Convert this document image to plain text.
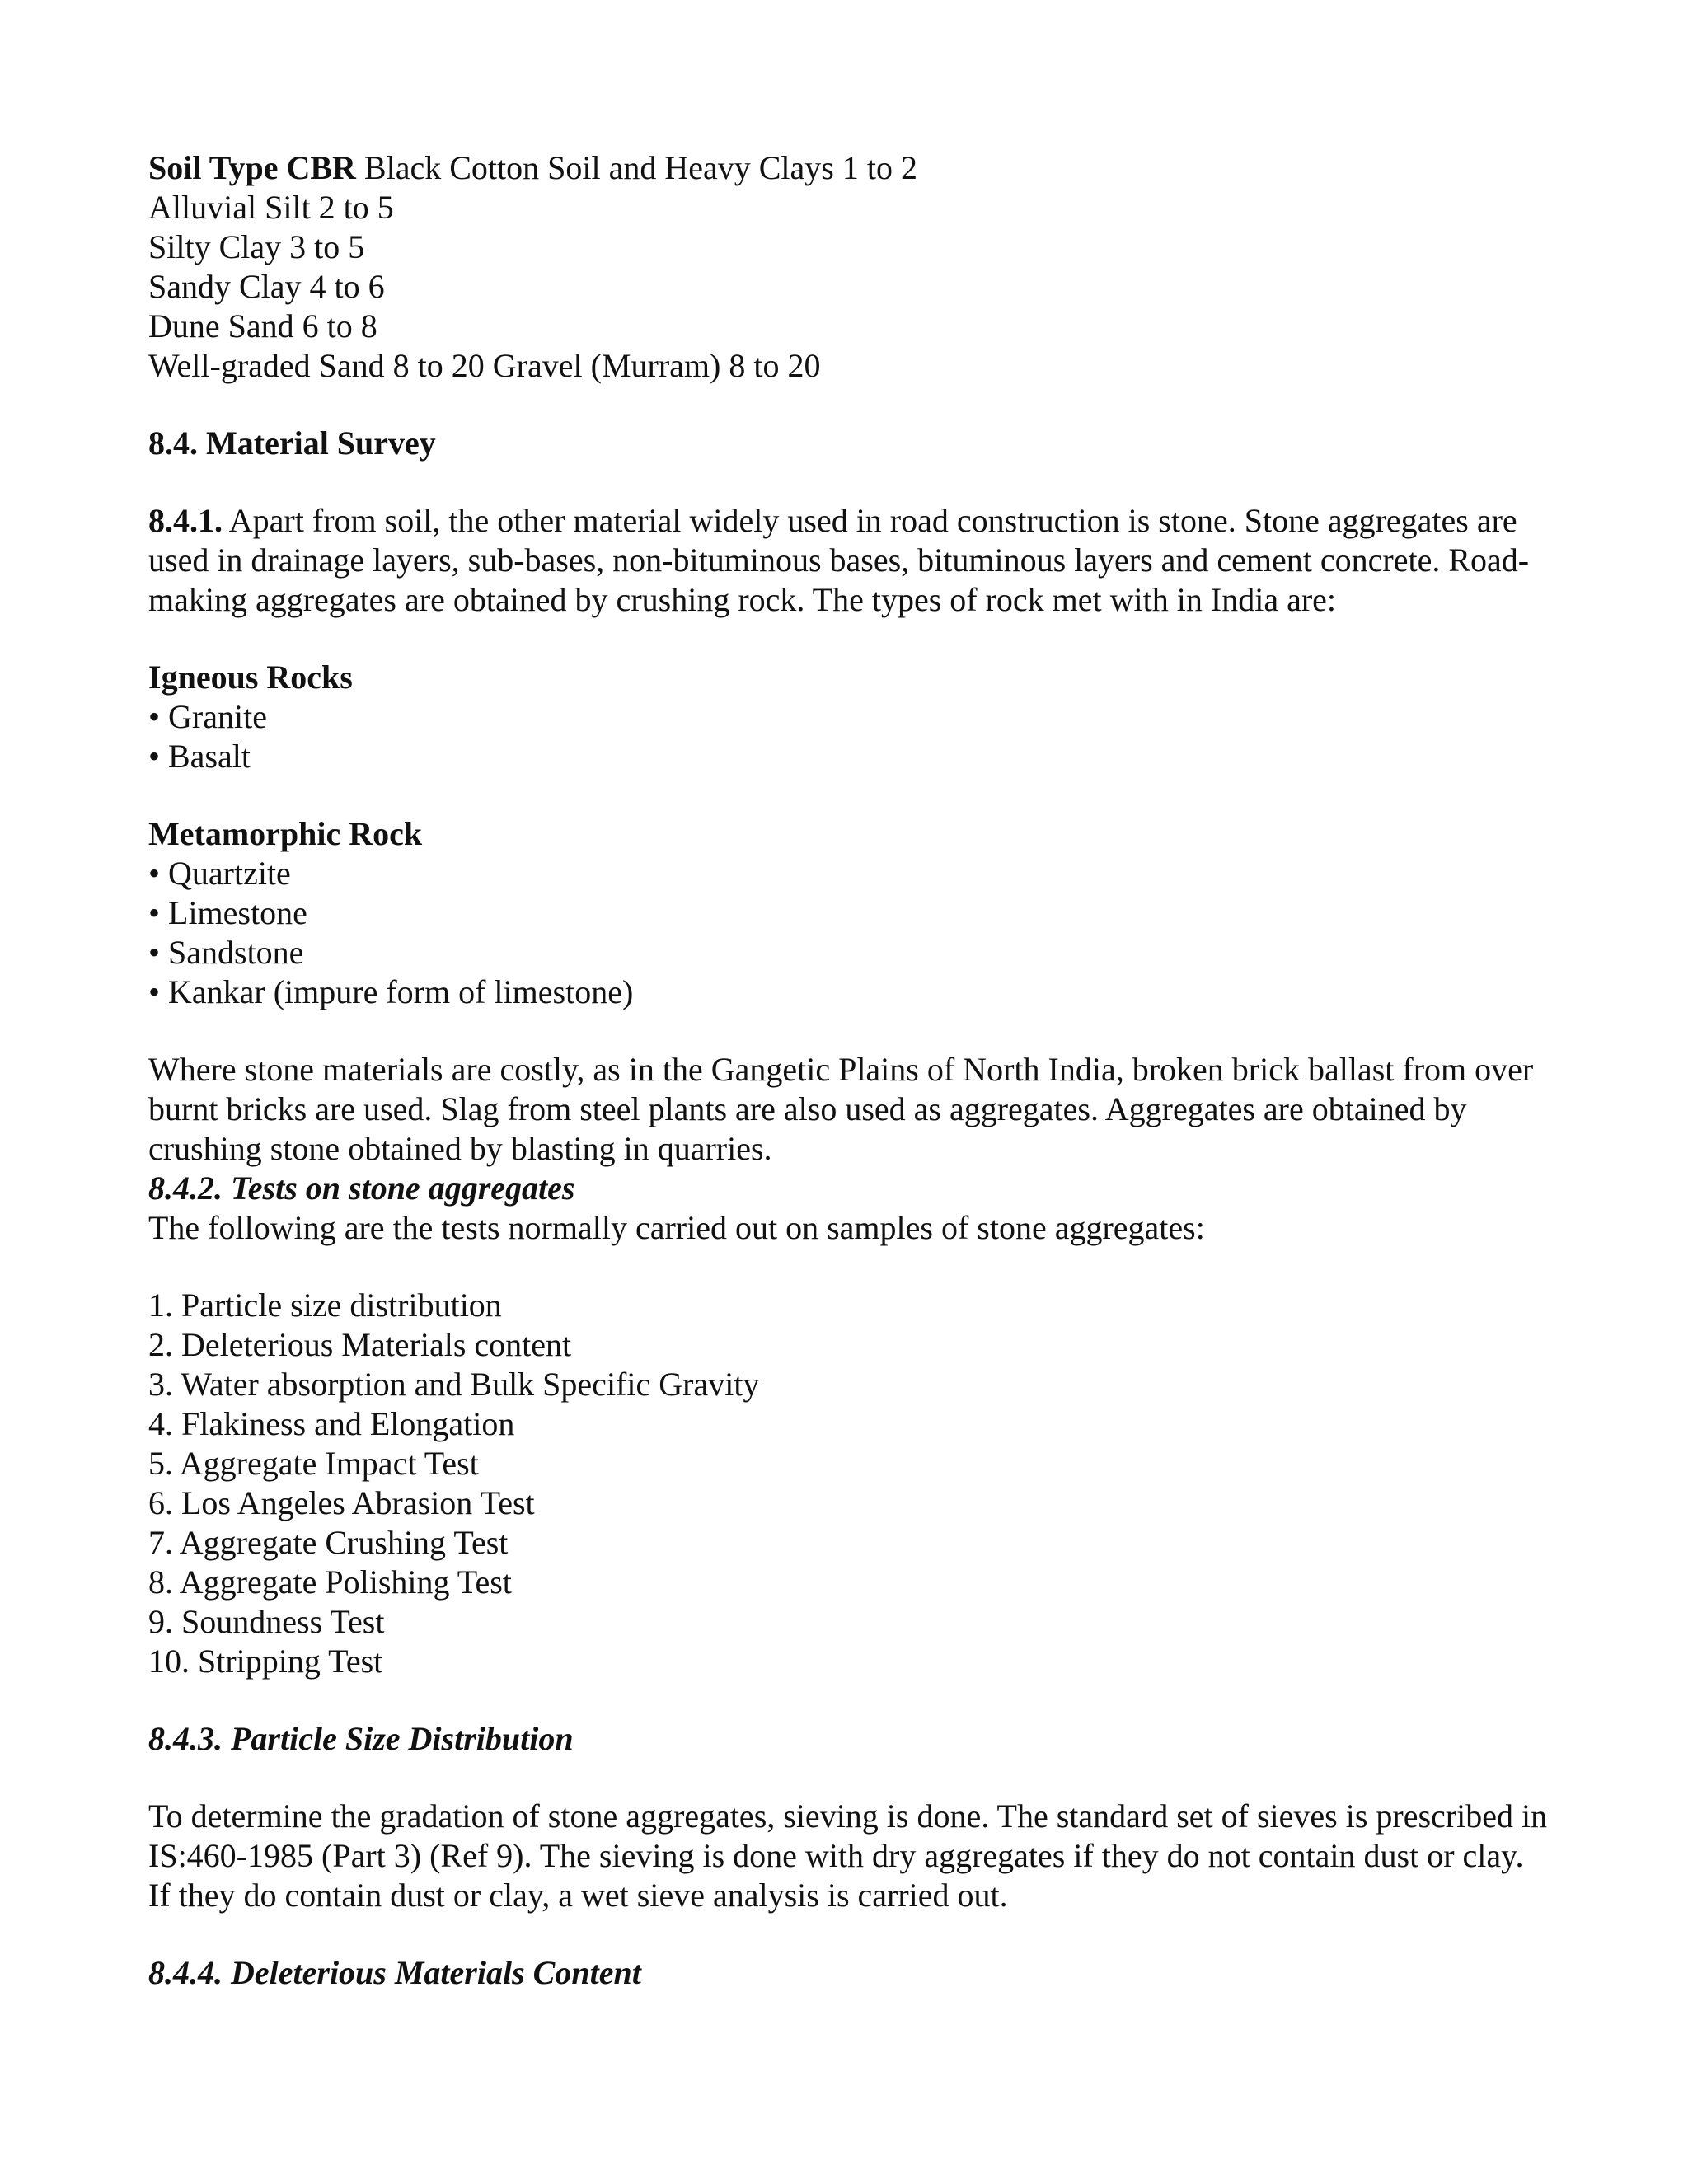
Soil Type CBR Black Cotton Soil and Heavy Clays 1 to 2
Alluvial Silt 2 to 5
Silty Clay 3 to 5
Sandy Clay 4 to 6
Dune Sand 6 to 8
Well-graded Sand 8 to 20 Gravel (Murram) 8 to 20
8.4. Material Survey
8.4.1. Apart from soil, the other material widely used in road construction is stone. Stone aggregates are used in drainage layers, sub-bases, non-bituminous bases, bituminous layers and cement concrete. Road-making aggregates are obtained by crushing rock. The types of rock met with in India are:
Igneous Rocks
• Granite
• Basalt
Metamorphic Rock
• Quartzite
• Limestone
• Sandstone
• Kankar (impure form of limestone)
Where stone materials are costly, as in the Gangetic Plains of North India, broken brick ballast from over burnt bricks are used. Slag from steel plants are also used as aggregates. Aggregates are obtained by crushing stone obtained by blasting in quarries.
8.4.2. Tests on stone aggregates
The following are the tests normally carried out on samples of stone aggregates:
1. Particle size distribution
2. Deleterious Materials content
3. Water absorption and Bulk Specific Gravity
4. Flakiness and Elongation
5. Aggregate Impact Test
6. Los Angeles Abrasion Test
7. Aggregate Crushing Test
8. Aggregate Polishing Test
9. Soundness Test
10. Stripping Test
8.4.3. Particle Size Distribution
To determine the gradation of stone aggregates, sieving is done. The standard set of sieves is prescribed in IS:460-1985 (Part 3) (Ref 9). The sieving is done with dry aggregates if they do not contain dust or clay. If they do contain dust or clay, a wet sieve analysis is carried out.
8.4.4. Deleterious Materials Content
